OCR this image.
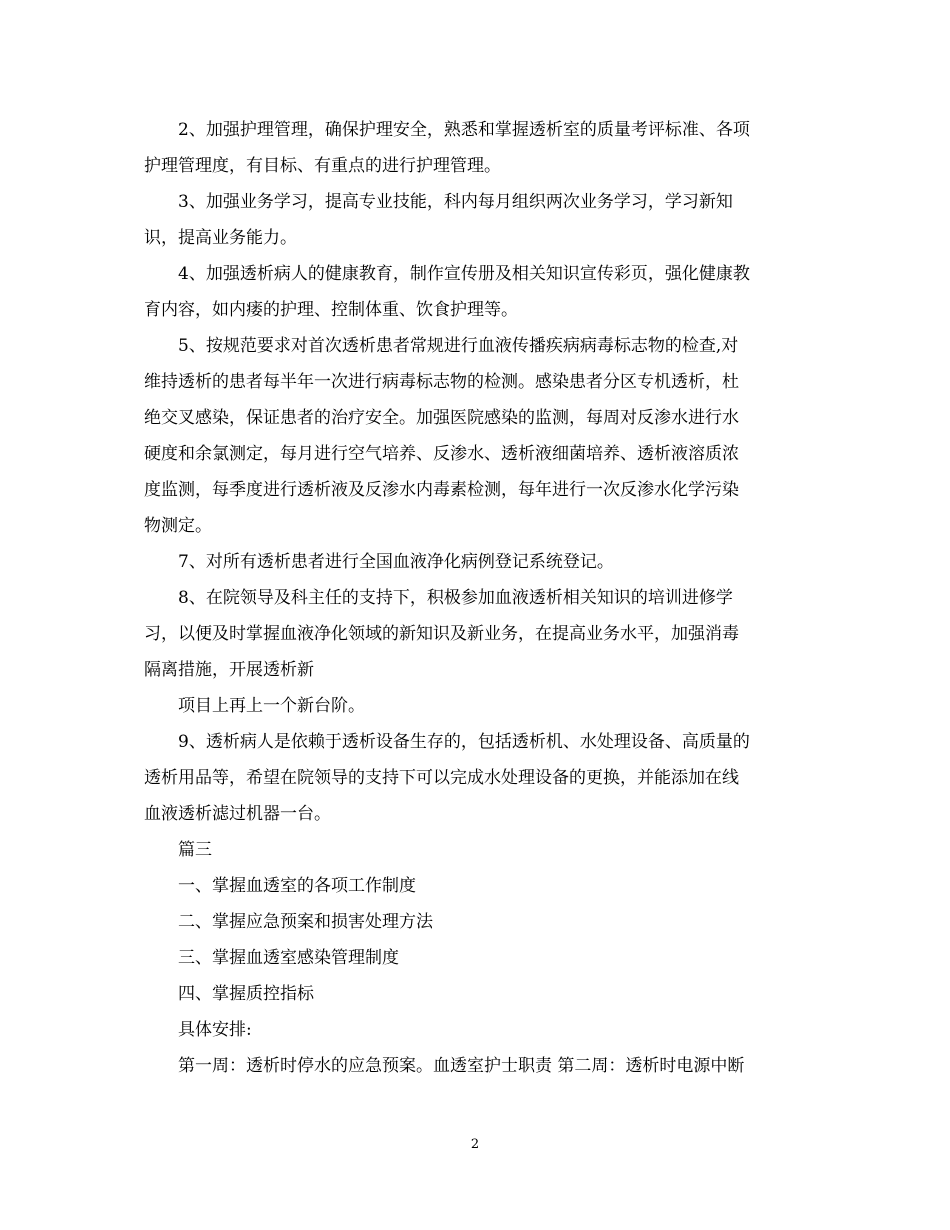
2、加强护理管理，确保护理安全，熟悉和掌握透析室的质量考评标准、各项

护理管理度，有目标、有重点的进行护理管理。

3、加强业务学习，提高专业技能，科内每月组织两次业务学习，学习新知

识，提高业务能力。

4、加强透析病人的健康教育，制作宣传册及相关知识宣传彩页，强化健康教

育内容，如内瘘的护理、控制体重、饮食护理等。

5、按规范要求对首次透析患者常规进行血液传播疾病病毒标志物的检查,对

维持透析的患者每半年一次进行病毒标志物的检测。感染患者分区专机透析，杜

绝交叉感染，保证患者的治疗安全。加强医院感染的监测，每周对反渗水进行水

硬度和余氯测定，每月进行空气培养、反渗水、透析液细菌培养、透析液溶质浓

度监测，每季度进行透析液及反渗水内毒素检测，每年进行一次反渗水化学污染

物测定。

7、对所有透析患者进行全国血液净化病例登记系统登记。

8、在院领导及科主任的支持下，积极参加血液透析相关知识的培训进修学

习，以便及时掌握血液净化领域的新知识及新业务，在提高业务水平，加强消毒

隔离措施，开展透析新

项目上再上一个新台阶。

9、透析病人是依赖于透析设备生存的，包括透析机、水处理设备、高质量的

透析用品等，希望在院领导的支持下可以完成水处理设备的更换，并能添加在线

血液透析滤过机器一台。

篇三

一、掌握血透室的各项工作制度

二、掌握应急预案和损害处理方法

三、掌握血透室感染管理制度

四、掌握质控指标

具体安排:

第一周：透析时停水的应急预案。血透室护士职责 第二周：透析时电源中断

2
